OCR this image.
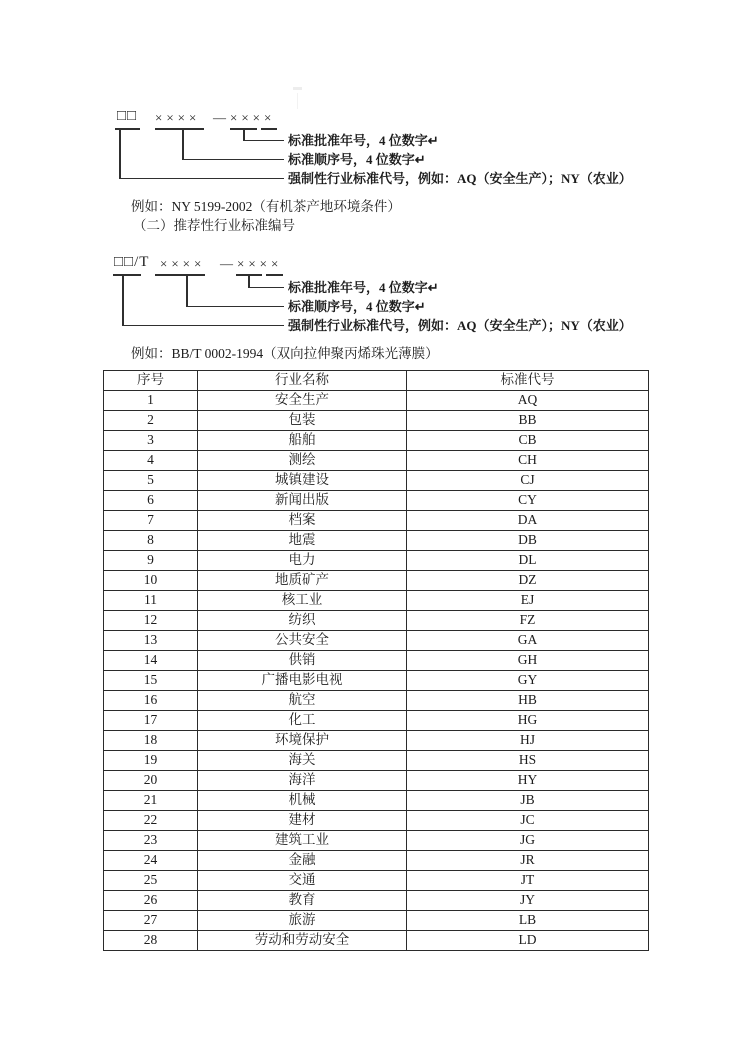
□□ ×××× —××××
标准批准年号，4 位数字↵
标准顺序号，4 位数字↵
强制性行业标准代号，例如：AQ（安全生产）；NY（农业）
例如：NY 5199-2002（有机茶产地环境条件）
（二）推荐性行业标准编号
□□/T ×××× —××××
标准批准年号，4 位数字↵
标准顺序号，4 位数字↵
强制性行业标准代号，例如：AQ（安全生产）；NY（农业）
例如：BB/T 0002-1994（双向拉伸聚丙烯珠光薄膜）
序号	行业名称	标准代号
1	安全生产	AQ
2	包装	BB
3	船舶	CB
4	测绘	CH
5	城镇建设	CJ
6	新闻出版	CY
7	档案	DA
8	地震	DB
9	电力	DL
10	地质矿产	DZ
11	核工业	EJ
12	纺织	FZ
13	公共安全	GA
14	供销	GH
15	广播电影电视	GY
16	航空	HB
17	化工	HG
18	环境保护	HJ
19	海关	HS
20	海洋	HY
21	机械	JB
22	建材	JC
23	建筑工业	JG
24	金融	JR
25	交通	JT
26	教育	JY
27	旅游	LB
28	劳动和劳动安全	LD
